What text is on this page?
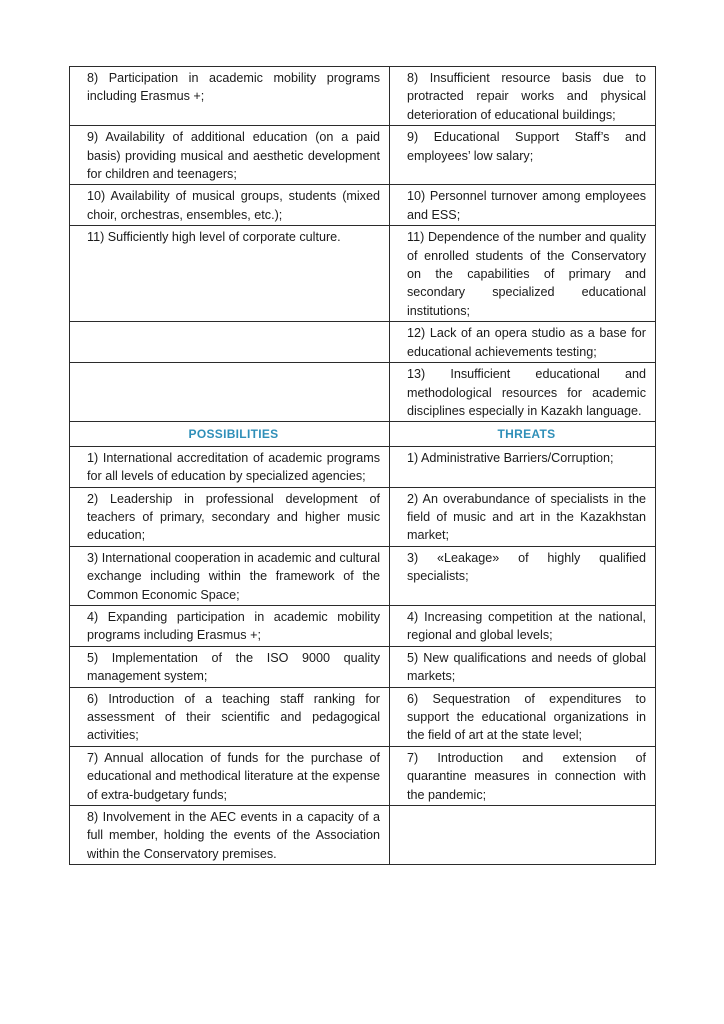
8) Participation in academic mobility programs including Erasmus +;	8) Insufficient resource basis due to protracted repair works and physical deterioration of educational buildings;

9) Availability of additional education (on a paid basis) providing musical and aesthetic development for children and teenagers;	9) Educational Support Staff’s and employees’ low salary;

10) Availability of musical groups, students (mixed choir, orchestras, ensembles, etc.);	10) Personnel turnover among employees and ESS;

11) Sufficiently high level of corporate culture.	11) Dependence of the number and quality of enrolled students of the Conservatory on the capabilities of primary and secondary specialized educational institutions;

	12) Lack of an opera studio as a base for educational achievements testing;

	13) Insufficient educational and methodological resources for academic disciplines especially in Kazakh language.

POSSIBILITIES	THREATS

1) International accreditation of academic programs for all levels of education by specialized agencies;	1) Administrative Barriers/Corruption;

2) Leadership in professional development of teachers of primary, secondary and higher music education;	2) An overabundance of specialists in the field of music and art in the Kazakhstan market;

3) International cooperation in academic and cultural exchange including within the framework of the Common Economic Space;	3) «Leakage» of highly qualified specialists;

4) Expanding participation in academic mobility programs including Erasmus +;	4) Increasing competition at the national, regional and global levels;

5) Implementation of the ISO 9000 quality management system;	5) New qualifications and needs of global markets;

6) Introduction of a teaching staff ranking for assessment of their scientific and pedagogical activities;	6) Sequestration of expenditures to support the educational organizations in the field of art at the state level;

7) Annual allocation of funds for the purchase of educational and methodical literature at the expense of extra-budgetary funds;	7) Introduction and extension of quarantine measures in connection with the pandemic;

8) Involvement in the AEC events in a capacity of a full member, holding the events of the Association within the Conservatory premises.	
